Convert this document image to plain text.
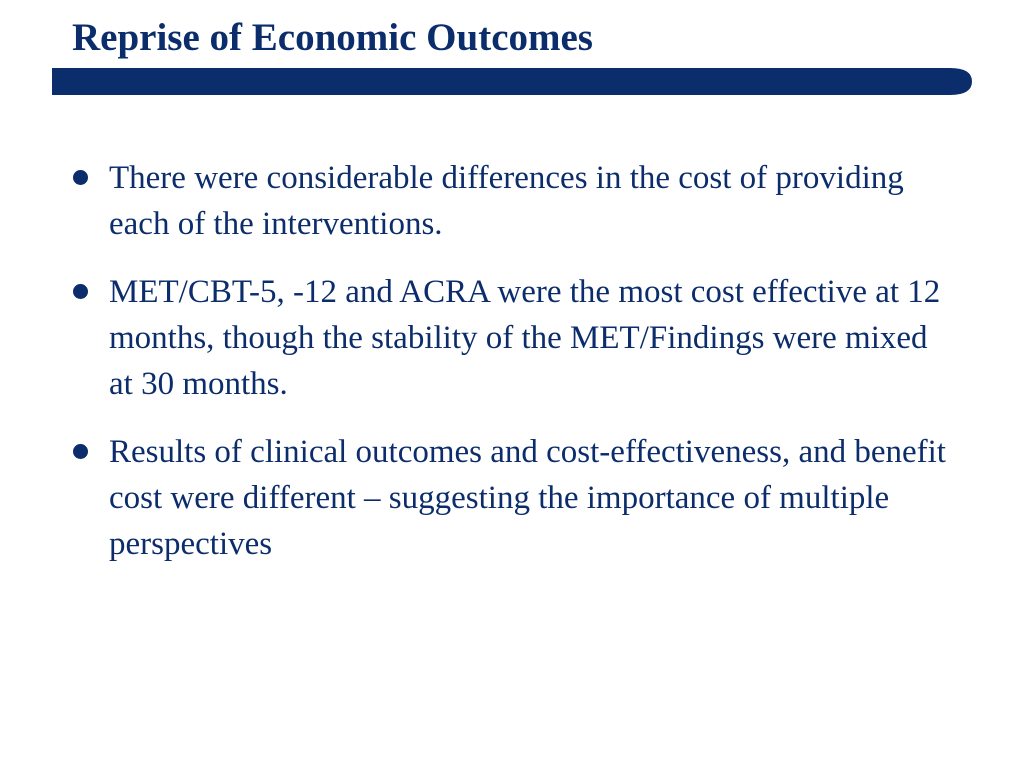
Reprise of Economic Outcomes
There were considerable differences in the cost of providing each of the interventions.
MET/CBT-5, -12 and ACRA were the most cost effective at 12 months, though the stability of the MET/Findings were mixed at 30 months.
Results of clinical outcomes and cost-effectiveness, and benefit cost were different – suggesting the importance of multiple perspectives
